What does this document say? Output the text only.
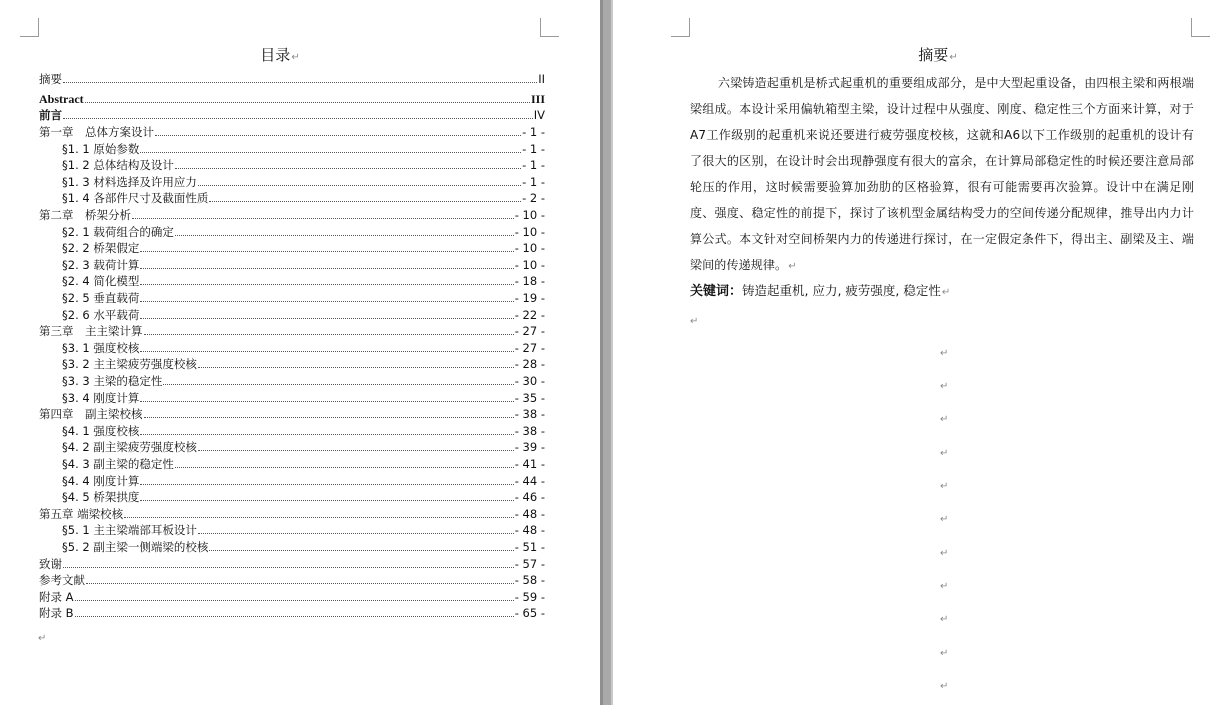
目录↵
摘要	II
Abstract	III
前言	IV
第一章　总体方案设计	- 1 -
§1. 1 原始参数	- 1 -
§1. 2 总体结构及设计	- 1 -
§1. 3 材料选择及许用应力	- 1 -
§1. 4 各部件尺寸及截面性质	- 2 -
第二章　桥架分析	- 10 -
§2. 1 载荷组合的确定	- 10 -
§2. 2 桥架假定	- 10 -
§2. 3 载荷计算	- 10 -
§2. 4 简化模型	- 18 -
§2. 5 垂直载荷	- 19 -
§2. 6 水平载荷	- 22 -
第三章　主主梁计算	- 27 -
§3. 1 强度校核	- 27 -
§3. 2 主主梁疲劳强度校核	- 28 -
§3. 3 主梁的稳定性	- 30 -
§3. 4 刚度计算	- 35 -
第四章　副主梁校核	- 38 -
§4. 1 强度校核	- 38 -
§4. 2 副主梁疲劳强度校核	- 39 -
§4. 3 副主梁的稳定性	- 41 -
§4. 4 刚度计算	- 44 -
§4. 5 桥架拱度	- 46 -
第五章 端梁校核	- 48 -
§5. 1 主主梁端部耳板设计	- 48 -
§5. 2 副主梁一侧端梁的校核	- 51 -
致谢	- 57 -
参考文献	- 58 -
附录 A	- 59 -
附录 B	- 65 -
↵
摘要↵
六梁铸造起重机是桥式起重机的重要组成部分，是中大型起重设备，由四根主梁和两根端梁组成。本设计采用偏轨箱型主梁，设计过程中从强度、刚度、稳定性三个方面来计算，对于A7工作级别的起重机来说还要进行疲劳强度校核，这就和A6以下工作级别的起重机的设计有了很大的区别，在设计时会出现静强度有很大的富余，在计算局部稳定性的时候还要注意局部轮压的作用，这时候需要验算加劲肋的区格验算，很有可能需要再次验算。设计中在满足刚度、强度、稳定性的前提下，探讨了该机型金属结构受力的空间传递分配规律，推导出内力计算公式。本文针对空间桥架内力的传递进行探讨，在一定假定条件下，得出主、副梁及主、端梁间的传递规律。↵
关键词：铸造起重机, 应力, 疲劳强度, 稳定性↵
↵
↵
↵
↵
↵
↵
↵
↵
↵
↵
↵
↵
